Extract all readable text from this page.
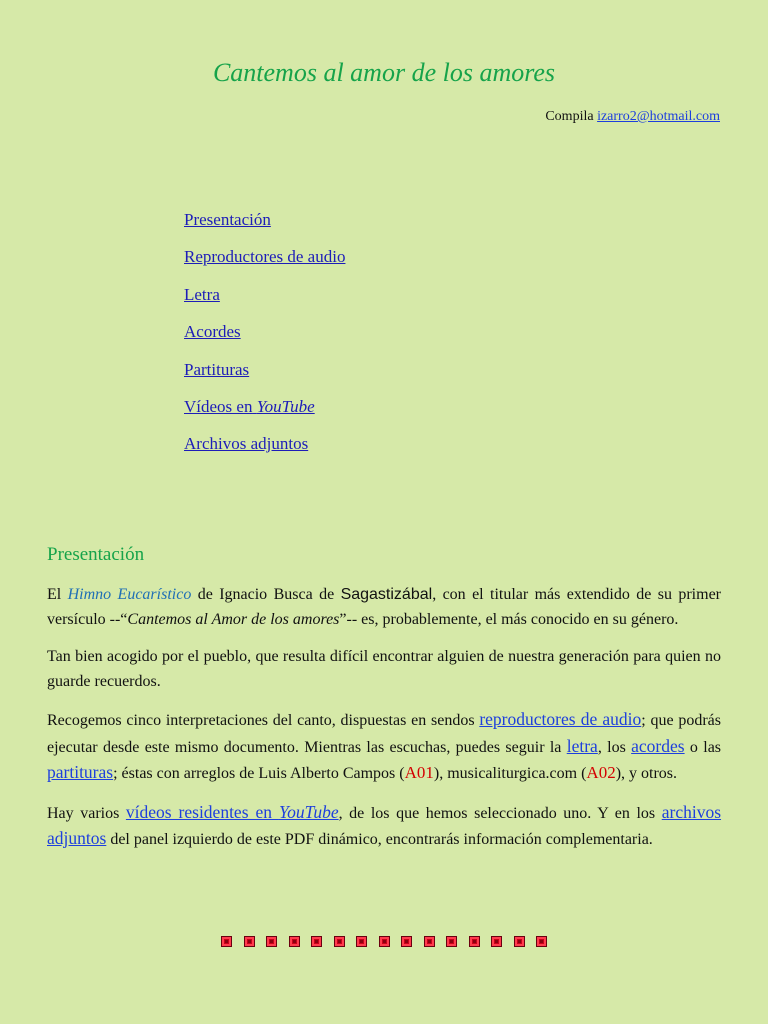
Cantemos al amor de los amores
Compila izarro2@hotmail.com
Presentación
Reproductores de audio
Letra
Acordes
Partituras
Vídeos en YouTube
Archivos adjuntos
Presentación

El Himno Eucarístico de Ignacio Busca de Sagastizábal, con el titular más extendido de su primer versículo --“Cantemos al Amor de los amores”-- es, probablemente, el más conocido en su género.

Tan bien acogido por el pueblo, que resulta difícil encontrar alguien de nuestra generación para quien no guarde recuerdos.

Recogemos cinco interpretaciones del canto, dispuestas en sendos reproductores de audio; que podrás ejecutar desde este mismo documento. Mientras las escuchas, puedes seguir la letra, los acordes o las partituras; éstas con arreglos de Luis Alberto Campos (A01), musicaliturgica.com (A02), y otros.

Hay varios vídeos residentes en YouTube, de los que hemos seleccionado uno. Y en los archivos adjuntos del panel izquierdo de este PDF dinámico, encontrarás información complementaria.
